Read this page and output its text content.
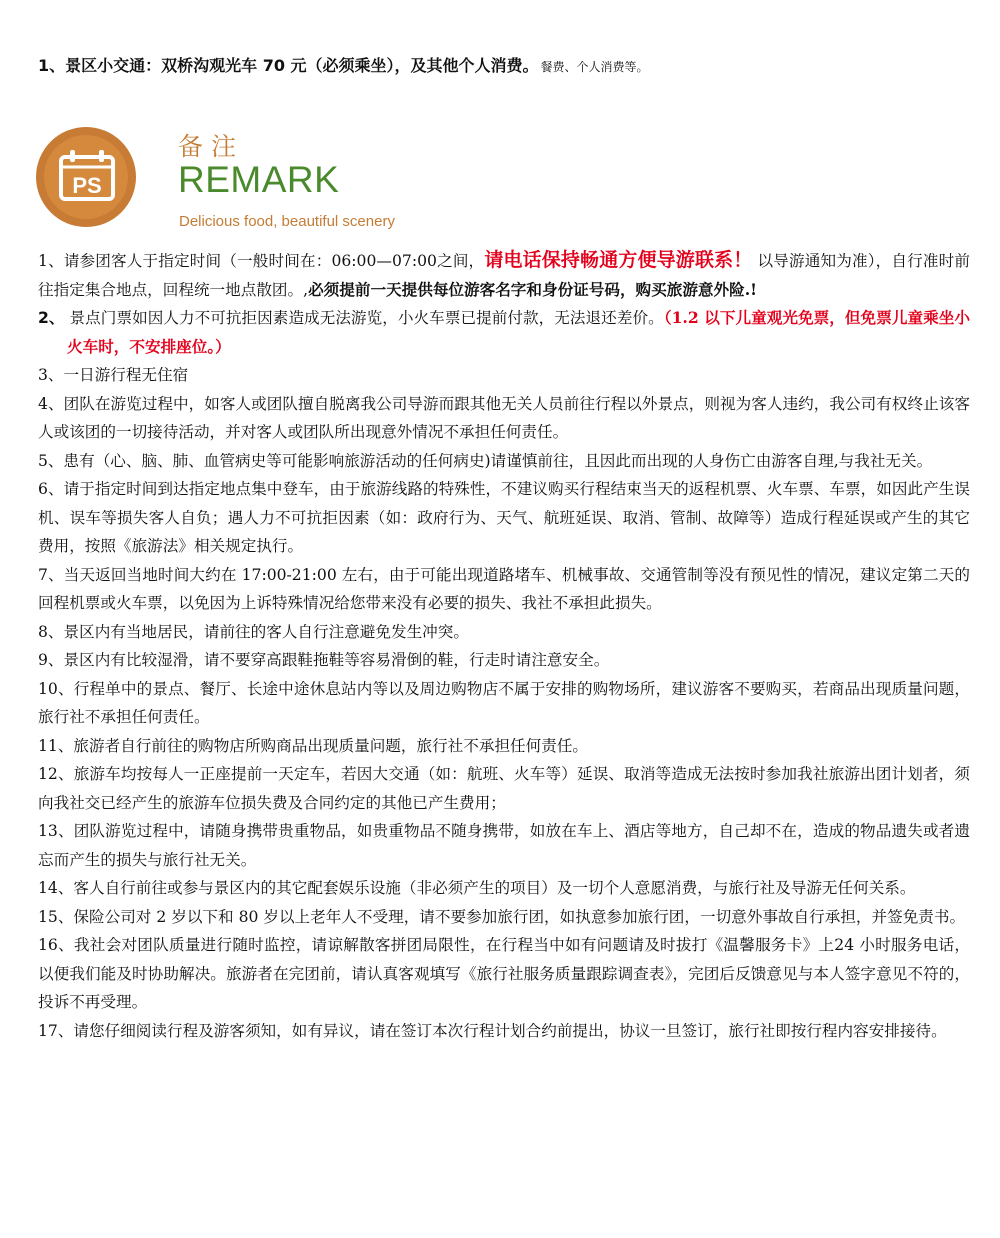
1、景区小交通：双桥沟观光车 70 元（必须乘坐），及其他个人消费。 餐费、个人消费等。
PS
备注
REMARK
Delicious food, beautiful scenery

1、请参团客人于指定时间（一般时间在：06:00—07:00之间，请电话保持畅通方便导游联系！ 以导游通知为准），自行准时前往指定集合地点，回程统一地点散团。,必须提前一天提供每位游客名字和身份证号码，购买旅游意外险.!

2、 景点门票如因人力不可抗拒因素造成无法游览，小火车票已提前付款，无法退还差价。（1.2 以下儿童观光免票，但免票儿童乘坐小火车时，不安排座位。）

3、一日游行程无住宿

4、团队在游览过程中，如客人或团队擅自脱离我公司导游而跟其他无关人员前往行程以外景点，则视为客人违约，我公司有权终止该客人或该团的一切接待活动，并对客人或团队所出现意外情况不承担任何责任。

5、患有（心、脑、肺、血管病史等可能影响旅游活动的任何病史)请谨慎前往，且因此而出现的人身伤亡由游客自理,与我社无关。

6、请于指定时间到达指定地点集中登车，由于旅游线路的特殊性，不建议购买行程结束当天的返程机票、火车票、车票，如因此产生误机、误车等损失客人自负；遇人力不可抗拒因素（如：政府行为、天气、航班延误、取消、管制、故障等）造成行程延误或产生的其它费用，按照《旅游法》相关规定执行。

7、当天返回当地时间大约在 17:00-21:00 左右，由于可能出现道路堵车、机械事故、交通管制等没有预见性的情况，建议定第二天的回程机票或火车票，以免因为上诉特殊情况给您带来没有必要的损失、我社不承担此损失。

8、景区内有当地居民，请前往的客人自行注意避免发生冲突。

9、景区内有比较湿滑，请不要穿高跟鞋拖鞋等容易滑倒的鞋，行走时请注意安全。

10、行程单中的景点、餐厅、长途中途休息站内等以及周边购物店不属于安排的购物场所，建议游客不要购买，若商品出现质量问题，旅行社不承担任何责任。

11、旅游者自行前往的购物店所购商品出现质量问题，旅行社不承担任何责任。

12、旅游车均按每人一正座提前一天定车，若因大交通（如：航班、火车等）延误、取消等造成无法按时参加我社旅游出团计划者，须向我社交已经产生的旅游车位损失费及合同约定的其他已产生费用；

13、团队游览过程中，请随身携带贵重物品，如贵重物品不随身携带，如放在车上、酒店等地方，自己却不在，造成的物品遗失或者遗忘而产生的损失与旅行社无关。

14、客人自行前往或参与景区内的其它配套娱乐设施（非必须产生的项目）及一切个人意愿消费，与旅行社及导游无任何关系。

15、保险公司对 2 岁以下和 80 岁以上老年人不受理，请不要参加旅行团，如执意参加旅行团，一切意外事故自行承担，并签免责书。

16、我社会对团队质量进行随时监控，请谅解散客拼团局限性，在行程当中如有问题请及时拔打《温馨服务卡》上24 小时服务电话，以便我们能及时协助解决。旅游者在完团前，请认真客观填写《旅行社服务质量跟踪调查表》，完团后反馈意见与本人签字意见不符的，投诉不再受理。

17、请您仔细阅读行程及游客须知，如有异议，请在签订本次行程计划合约前提出，协议一旦签订，旅行社即按行程内容安排接待。
